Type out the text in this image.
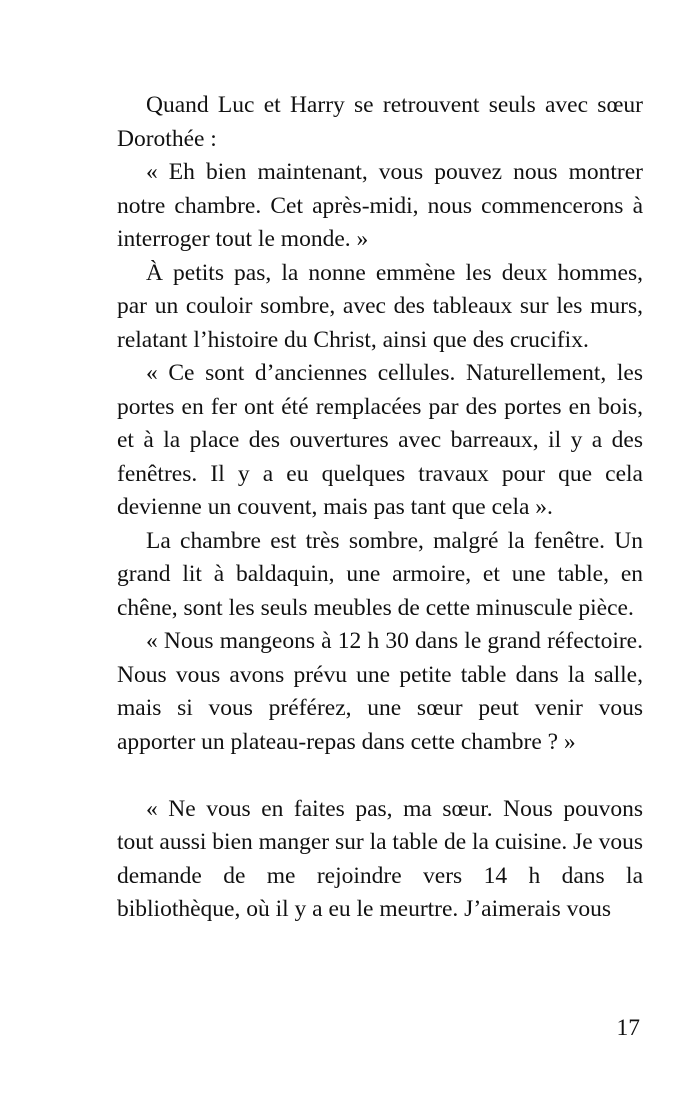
Quand Luc et Harry se retrouvent seuls avec sœur Dorothée :

« Eh bien maintenant, vous pouvez nous montrer notre chambre. Cet après-midi, nous commencerons à interroger tout le monde. »

À petits pas, la nonne emmène les deux hommes, par un couloir sombre, avec des tableaux sur les murs, relatant l’histoire du Christ, ainsi que des crucifix.

« Ce sont d’anciennes cellules. Naturellement, les portes en fer ont été remplacées par des portes en bois, et à la place des ouvertures avec barreaux, il y a des fenêtres. Il y a eu quelques travaux pour que cela devienne un couvent, mais pas tant que cela ».

La chambre est très sombre, malgré la fenêtre. Un grand lit à baldaquin, une armoire, et une table, en chêne, sont les seuls meubles de cette minuscule pièce.

« Nous mangeons à 12 h 30 dans le grand réfectoire. Nous vous avons prévu une petite table dans la salle, mais si vous préférez, une sœur peut venir vous apporter un plateau-repas dans cette chambre ? »

« Ne vous en faites pas, ma sœur. Nous pouvons tout aussi bien manger sur la table de la cuisine. Je vous demande de me rejoindre vers 14 h dans la bibliothèque, où il y a eu le meurtre. J’aimerais vous

17
